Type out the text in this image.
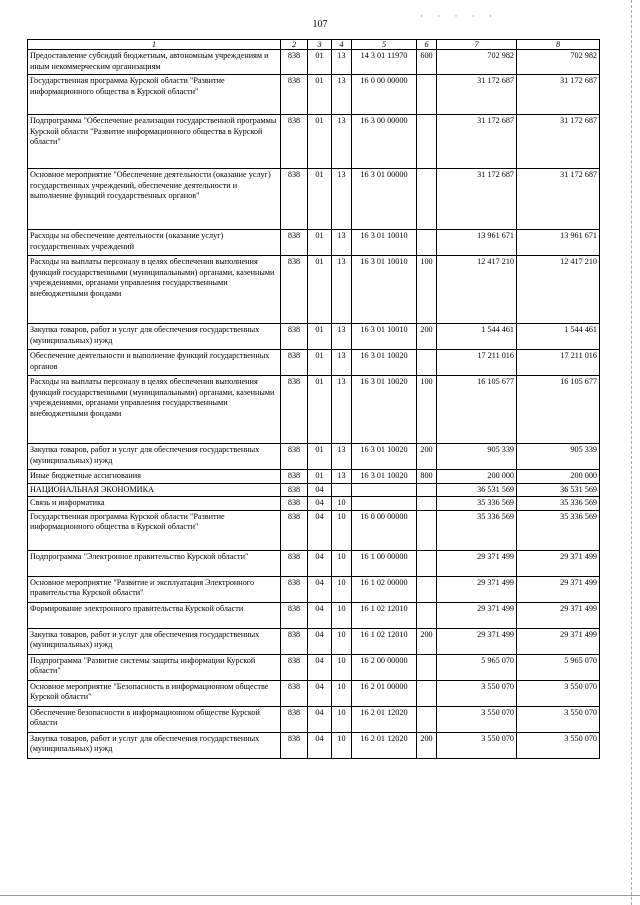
· · · · ·
107
1	2	3	4	5	6	7	8
Предоставление субсидий бюджетным, автономным учреждениям и иным некоммерческим организациям	838	01	13	14 3 01 11970	600	702 982	702 982
Государственная программа Курской области "Развитие информационного общества в Курской области"	838	01	13	16 0 00 00000		31 172 687	31 172 687
Подпрограмма "Обеспечение реализации государственной программы Курской области "Развитие информационного общества в Курской области"	838	01	13	16 3 00 00000		31 172 687	31 172 687
Основное мероприятие "Обеспечение деятельности (оказание услуг) государственных учреждений, обеспечение деятельности и выполнение функций государственных органов"	838	01	13	16 3 01 00000		31 172 687	31 172 687
Расходы на обеспечение деятельности (оказание услуг) государственных учреждений	838	01	13	16 3 01 10010		13 961 671	13 961 671
Расходы на выплаты персоналу в целях обеспечения выполнения функций государственными (муниципальными) органами, казенными учреждениями, органами управления государственными внебюджетными фондами	838	01	13	16 3 01 10010	100	12 417 210	12 417 210
Закупка товаров, работ и услуг для обеспечения государственных (муниципальных) нужд	838	01	13	16 3 01 10010	200	1 544 461	1 544 461
Обеспечение деятельности и выполнение функций государственных органов	838	01	13	16 3 01 10020		17 211 016	17 211 016
Расходы на выплаты персоналу в целях обеспечения выполнения функций государственными (муниципальными) органами, казенными учреждениями, органами управления государственными внебюджетными фондами	838	01	13	16 3 01 10020	100	16 105 677	16 105 677
Закупка товаров, работ и услуг для обеспечения государственных (муниципальных) нужд	838	01	13	16 3 01 10020	200	905 339	905 339
Иные бюджетные ассигнования	838	01	13	16 3 01 10020	800	200 000	200 000
НАЦИОНАЛЬНАЯ ЭКОНОМИКА	838	04				36 531 569	36 531 569
Связь и информатика	838	04	10			35 336 569	35 336 569
Государственная программа Курской области "Развитие информационного общества в Курской области"	838	04	10	16 0 00 00000		35 336 569	35 336 569
Подпрограмма "Электронное правительство Курской области"	838	04	10	16 1 00 00000		29 371 499	29 371 499
Основное мероприятие "Развитие и эксплуатация Электронного правительства Курской области"	838	04	10	16 1 02 00000		29 371 499	29 371 499
Формирование электронного правительства Курской области	838	04	10	16 1 02 12010		29 371 499	29 371 499
Закупка товаров, работ и услуг для обеспечения государственных (муниципальных) нужд	838	04	10	16 1 02 12010	200	29 371 499	29 371 499
Подпрограмма "Развитие системы защиты информации Курской области"	838	04	10	16 2 00 00000		5 965 070	5 965 070
Основное мероприятие "Безопасность в информационном обществе Курской области"	838	04	10	16 2 01 00000		3 550 070	3 550 070
Обеспечение безопасности в информационном обществе Курской области	838	04	10	16 2 01 12020		3 550 070	3 550 070
Закупка товаров, работ и услуг для обеспечения государственных (муниципальных) нужд	838	04	10	16 2 01 12020	200	3 550 070	3 550 070
